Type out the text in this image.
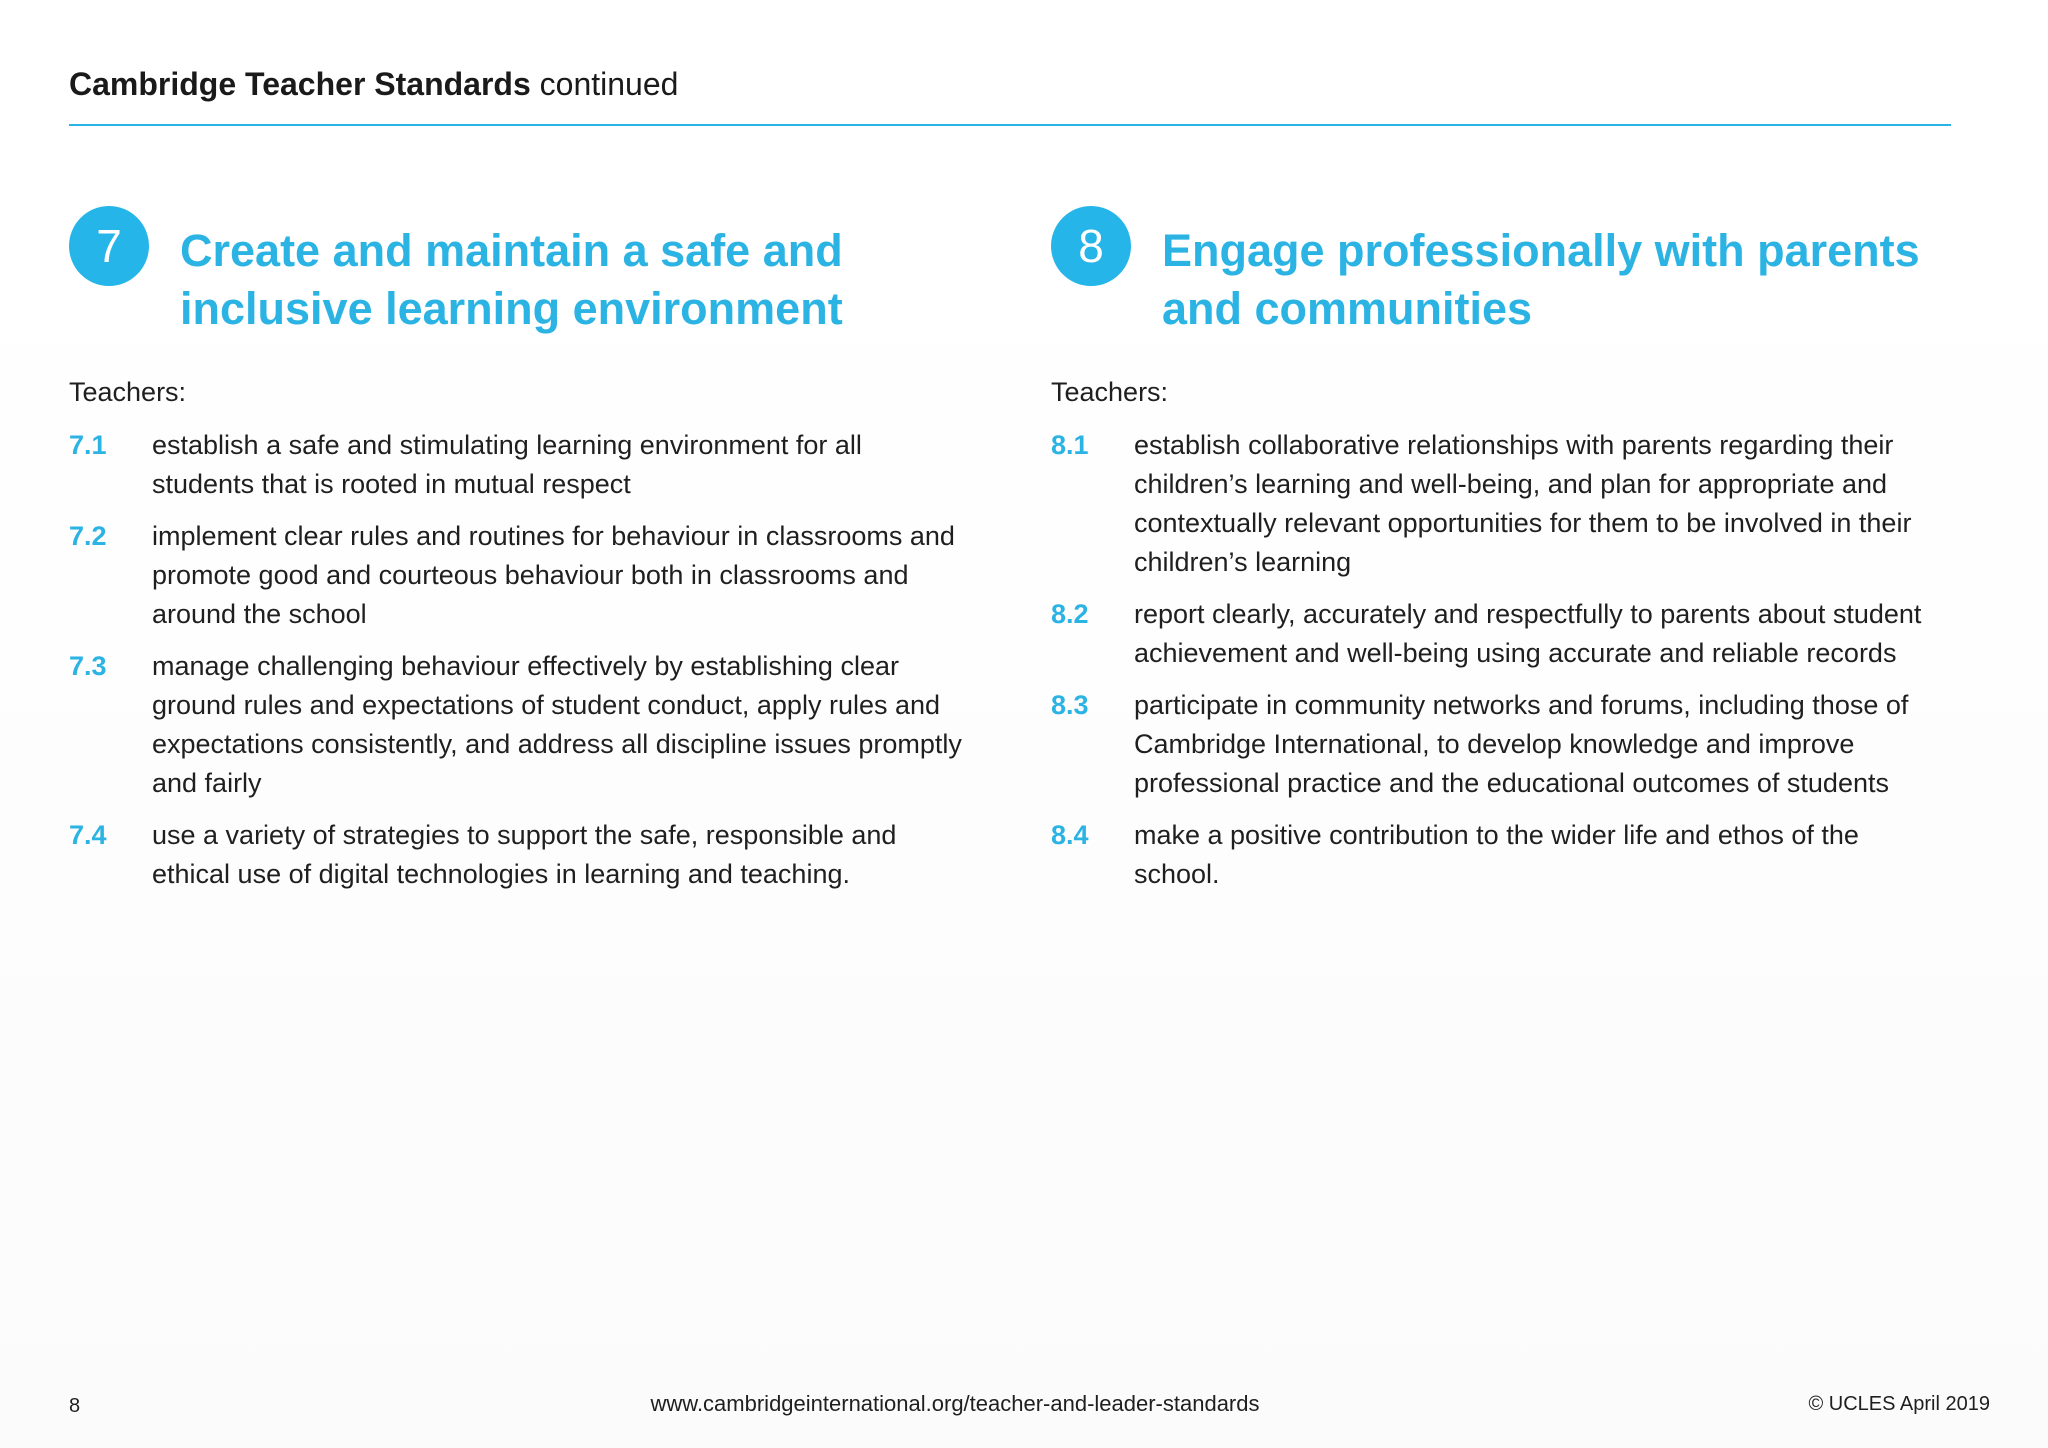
Cambridge Teacher Standards continued
7	Create and maintain a safe and inclusive learning environment
Teachers:
7.1	establish a safe and stimulating learning environment for all students that is rooted in mutual respect
7.2	implement clear rules and routines for behaviour in classrooms and promote good and courteous behaviour both in classrooms and around the school
7.3	manage challenging behaviour effectively by establishing clear ground rules and expectations of student conduct, apply rules and expectations consistently, and address all discipline issues promptly and fairly
7.4	use a variety of strategies to support the safe, responsible and ethical use of digital technologies in learning and teaching.
8	Engage professionally with parents and communities
Teachers:
8.1	establish collaborative relationships with parents regarding their children’s learning and well-being, and plan for appropriate and contextually relevant opportunities for them to be involved in their children’s learning
8.2	report clearly, accurately and respectfully to parents about student achievement and well-being using accurate and reliable records
8.3	participate in community networks and forums, including those of Cambridge International, to develop knowledge and improve professional practice and the educational outcomes of students
8.4	make a positive contribution to the wider life and ethos of the school.
8	www.cambridgeinternational.org/teacher-and-leader-standards	© UCLES April 2019
